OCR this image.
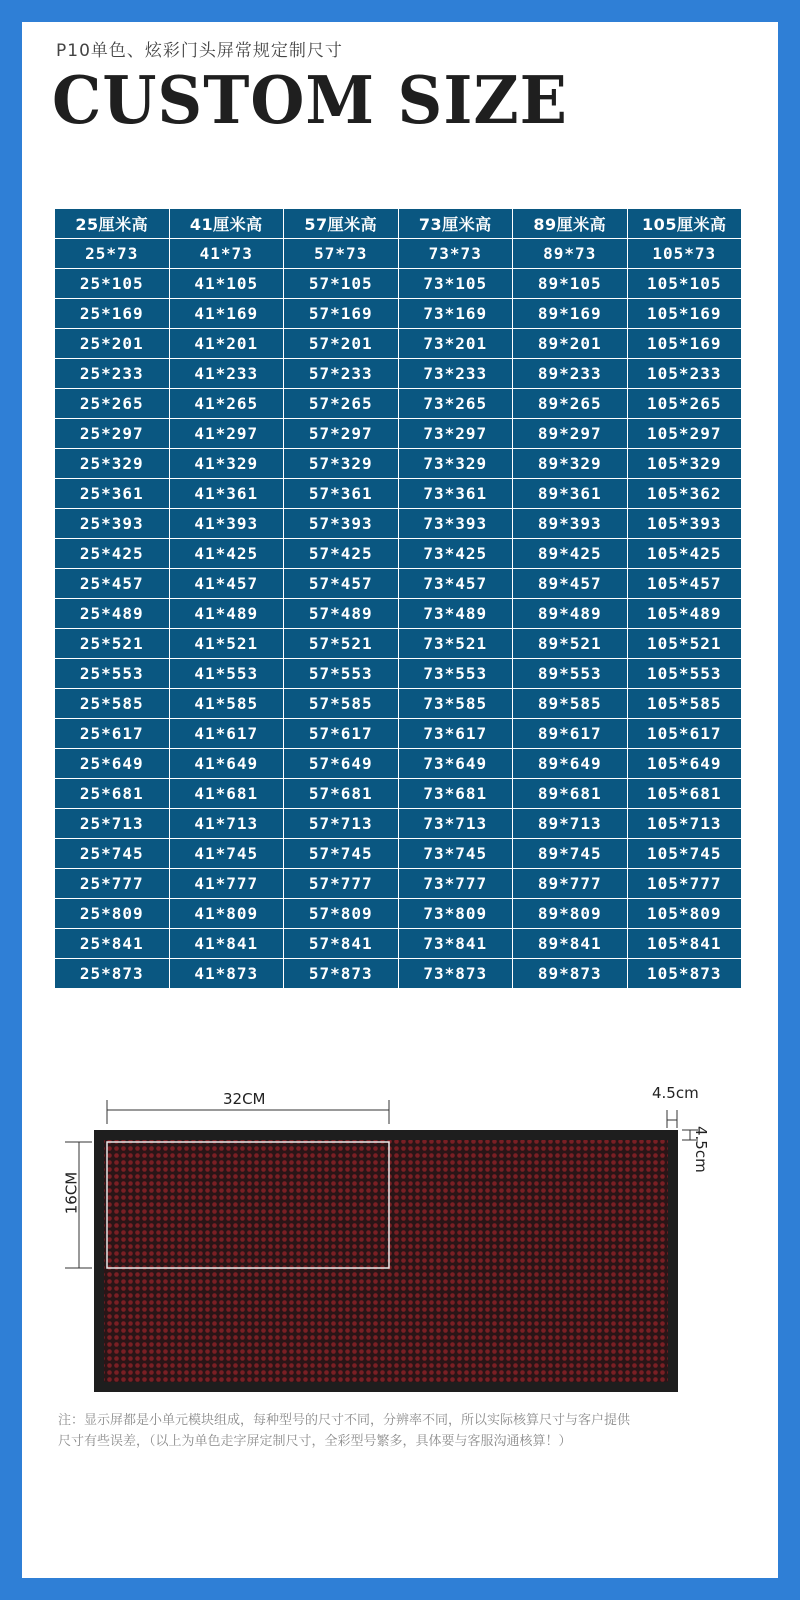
P10单色、炫彩门头屏常规定制尺寸
CUSTOM SIZE
25厘米高	41厘米高	57厘米高	73厘米高	89厘米高	105厘米高
25*73	41*73	57*73	73*73	89*73	105*73
25*105	41*105	57*105	73*105	89*105	105*105
25*169	41*169	57*169	73*169	89*169	105*169
25*201	41*201	57*201	73*201	89*201	105*169
25*233	41*233	57*233	73*233	89*233	105*233
25*265	41*265	57*265	73*265	89*265	105*265
25*297	41*297	57*297	73*297	89*297	105*297
25*329	41*329	57*329	73*329	89*329	105*329
25*361	41*361	57*361	73*361	89*361	105*362
25*393	41*393	57*393	73*393	89*393	105*393
25*425	41*425	57*425	73*425	89*425	105*425
25*457	41*457	57*457	73*457	89*457	105*457
25*489	41*489	57*489	73*489	89*489	105*489
25*521	41*521	57*521	73*521	89*521	105*521
25*553	41*553	57*553	73*553	89*553	105*553
25*585	41*585	57*585	73*585	89*585	105*585
25*617	41*617	57*617	73*617	89*617	105*617
25*649	41*649	57*649	73*649	89*649	105*649
25*681	41*681	57*681	73*681	89*681	105*681
25*713	41*713	57*713	73*713	89*713	105*713
25*745	41*745	57*745	73*745	89*745	105*745
25*777	41*777	57*777	73*777	89*777	105*777
25*809	41*809	57*809	73*809	89*809	105*809
25*841	41*841	57*841	73*841	89*841	105*841
25*873	41*873	57*873	73*873	89*873	105*873
32CM
16CM
4.5cm
4.5cm

注：显示屏都是小单元模块组成，每种型号的尺寸不同，分辨率不同，所以实际核算尺寸与客户提供

尺寸有些误差，（以上为单色走字屏定制尺寸，全彩型号繁多，具体要与客服沟通核算！）
